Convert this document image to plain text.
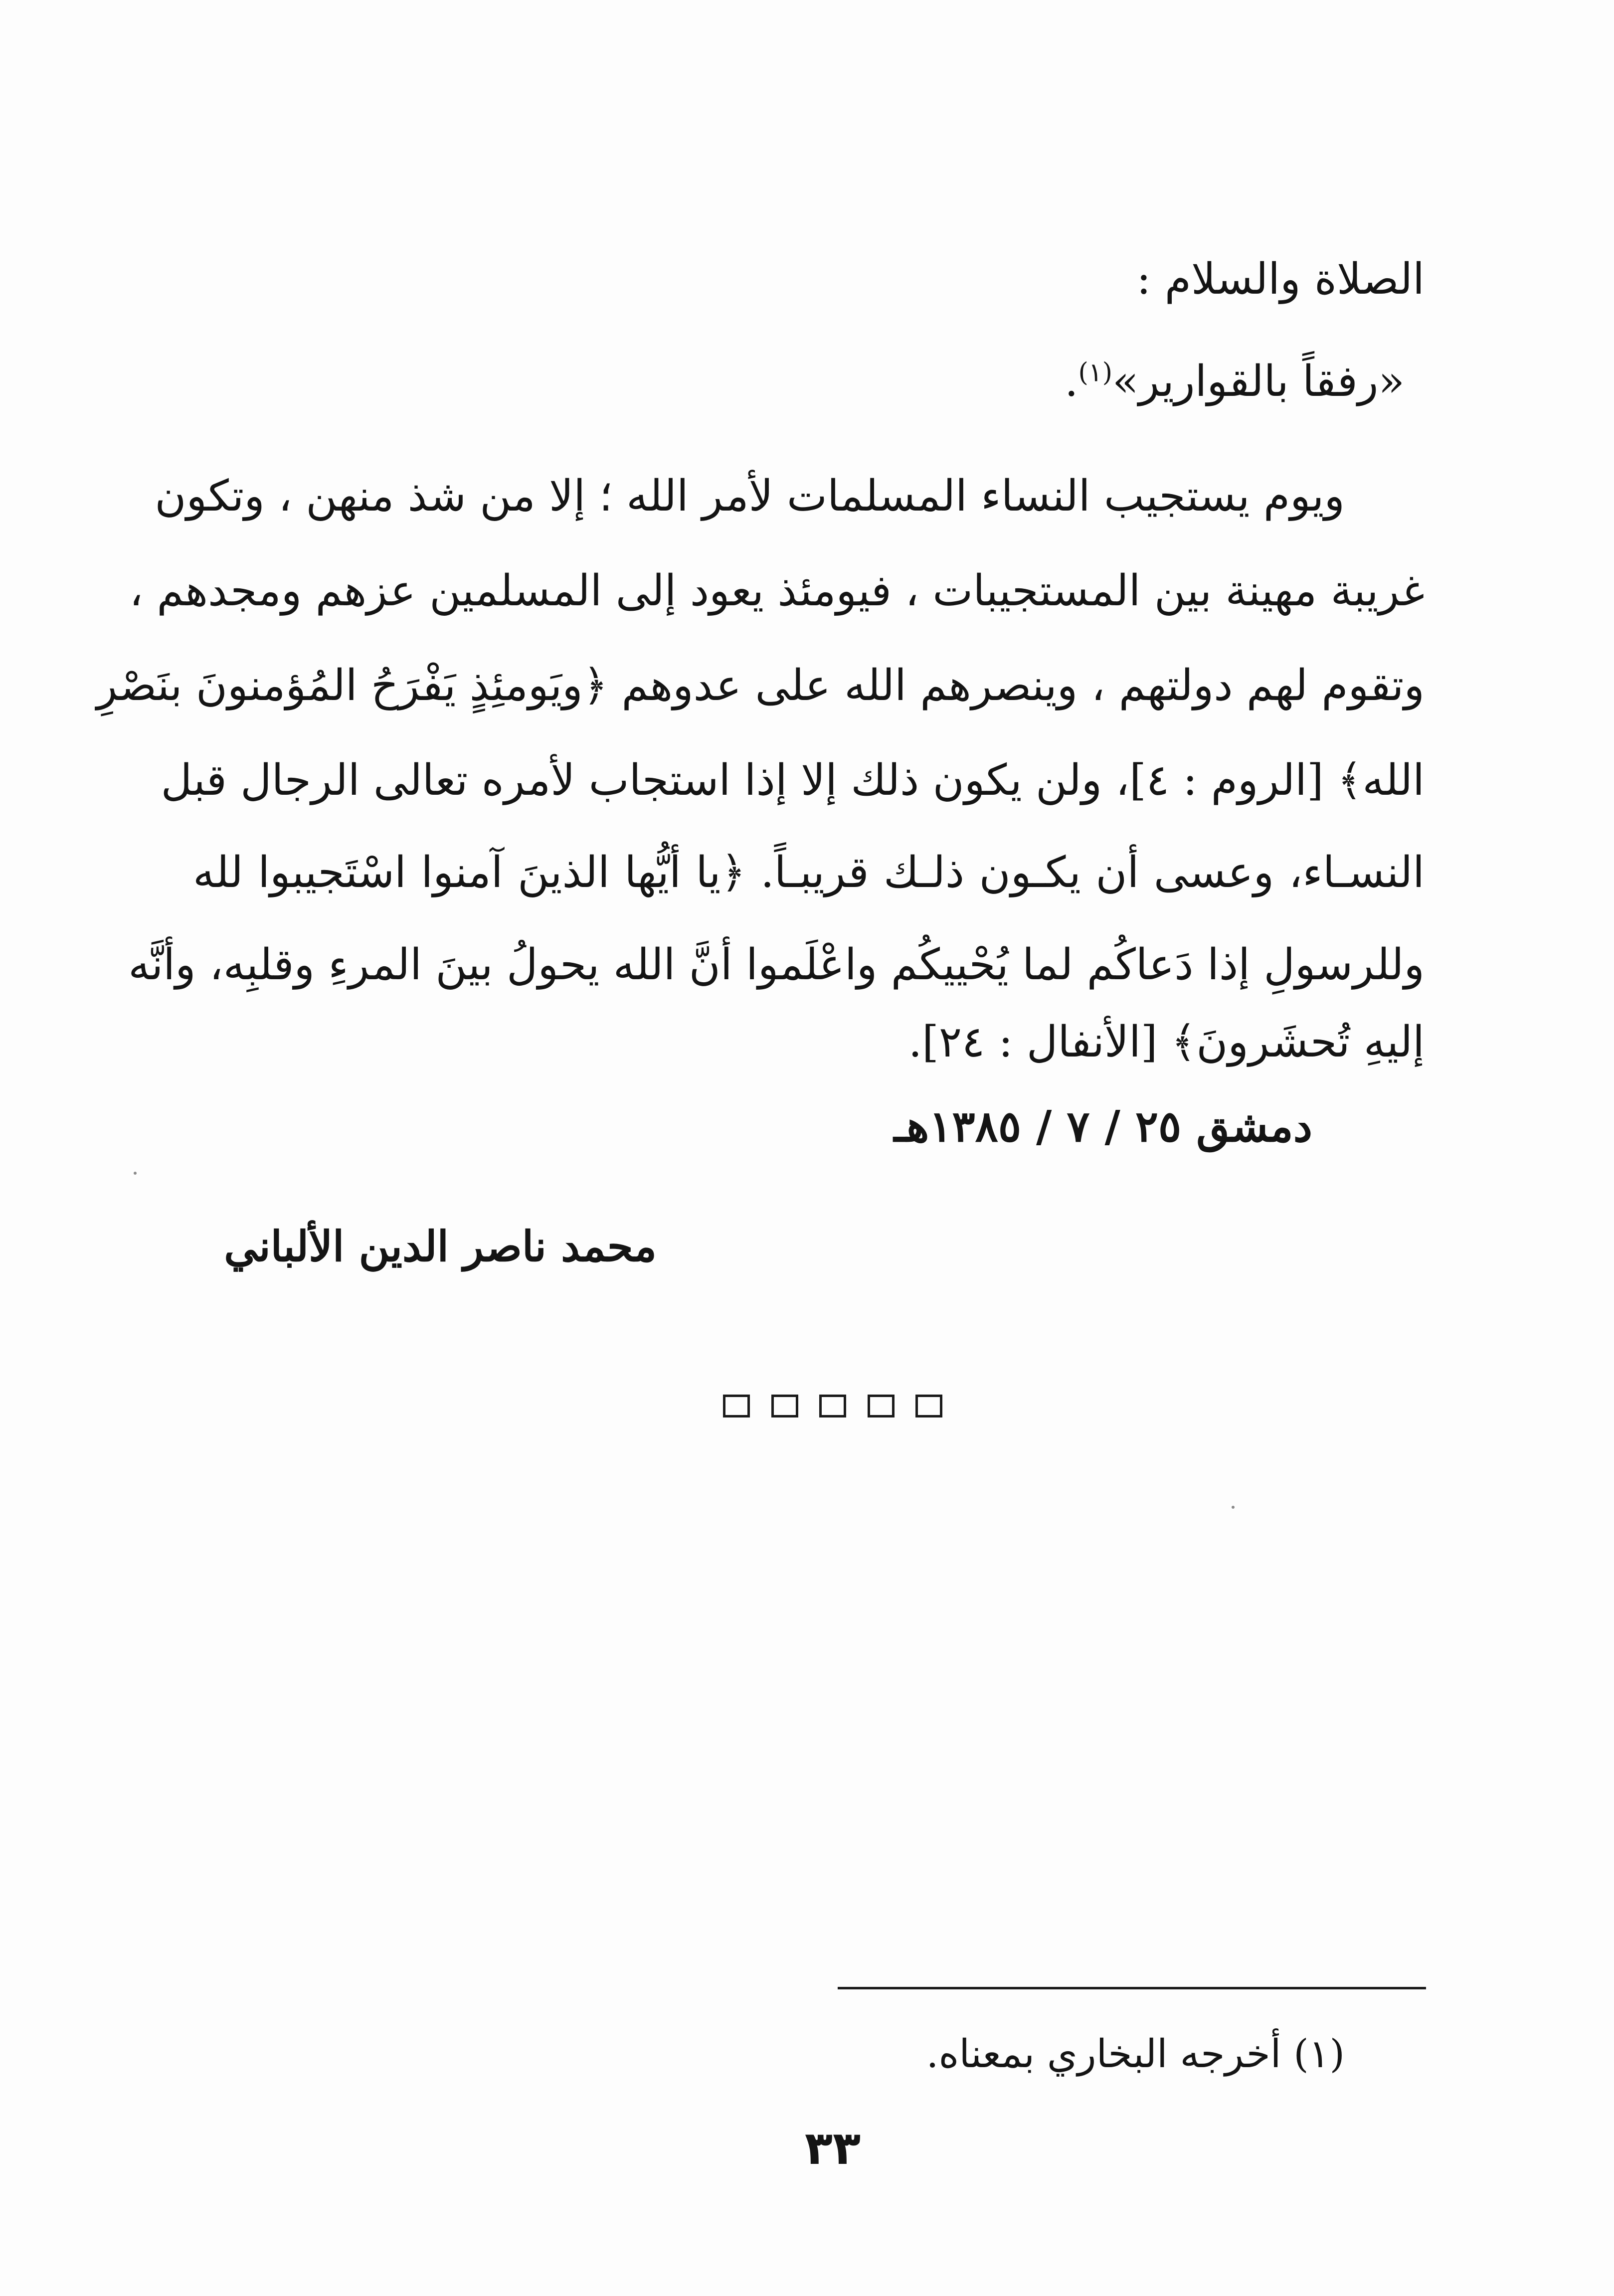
الصلاة والسلام :
«رفقاً بالقوارير»$^{(١)}$.
ويوم يستجيب النساء المسلمات لأمر الله ؛ إلا من شذ منهن ، وتكون
غريبة مهينة بين المستجيبات ، فيومئذ يعود إلى المسلمين عزهم ومجدهم ،
وتقوم لهم دولتهم ، وينصرهم الله على عدوهم ﴿ويَومئِذٍ يَفْرَحُ المُؤمنونَ بنَصْرِ
الله﴾ [الروم : ٤]، ولن يكون ذلك إلا إذا استجاب لأمره تعالى الرجال قبل
النسـاء، وعسى أن يكـون ذلـك قريبـاً. ﴿يا أيُّها الذينَ آمنوا اسْتَجيبوا لله
وللرسولِ إذا دَعاكُم لما يُحْييكُم واعْلَموا أنَّ الله يحولُ بينَ المرءِ وقلبِه، وأنَّه
إليهِ تُحشَرونَ﴾ [الأنفال : ٢٤].
دمشق ٢٥ / ٧ / ١٣٨٥هـ
محمد ناصر الدين الألباني
(١) أخرجه البخاري بمعناه.
٣٣
